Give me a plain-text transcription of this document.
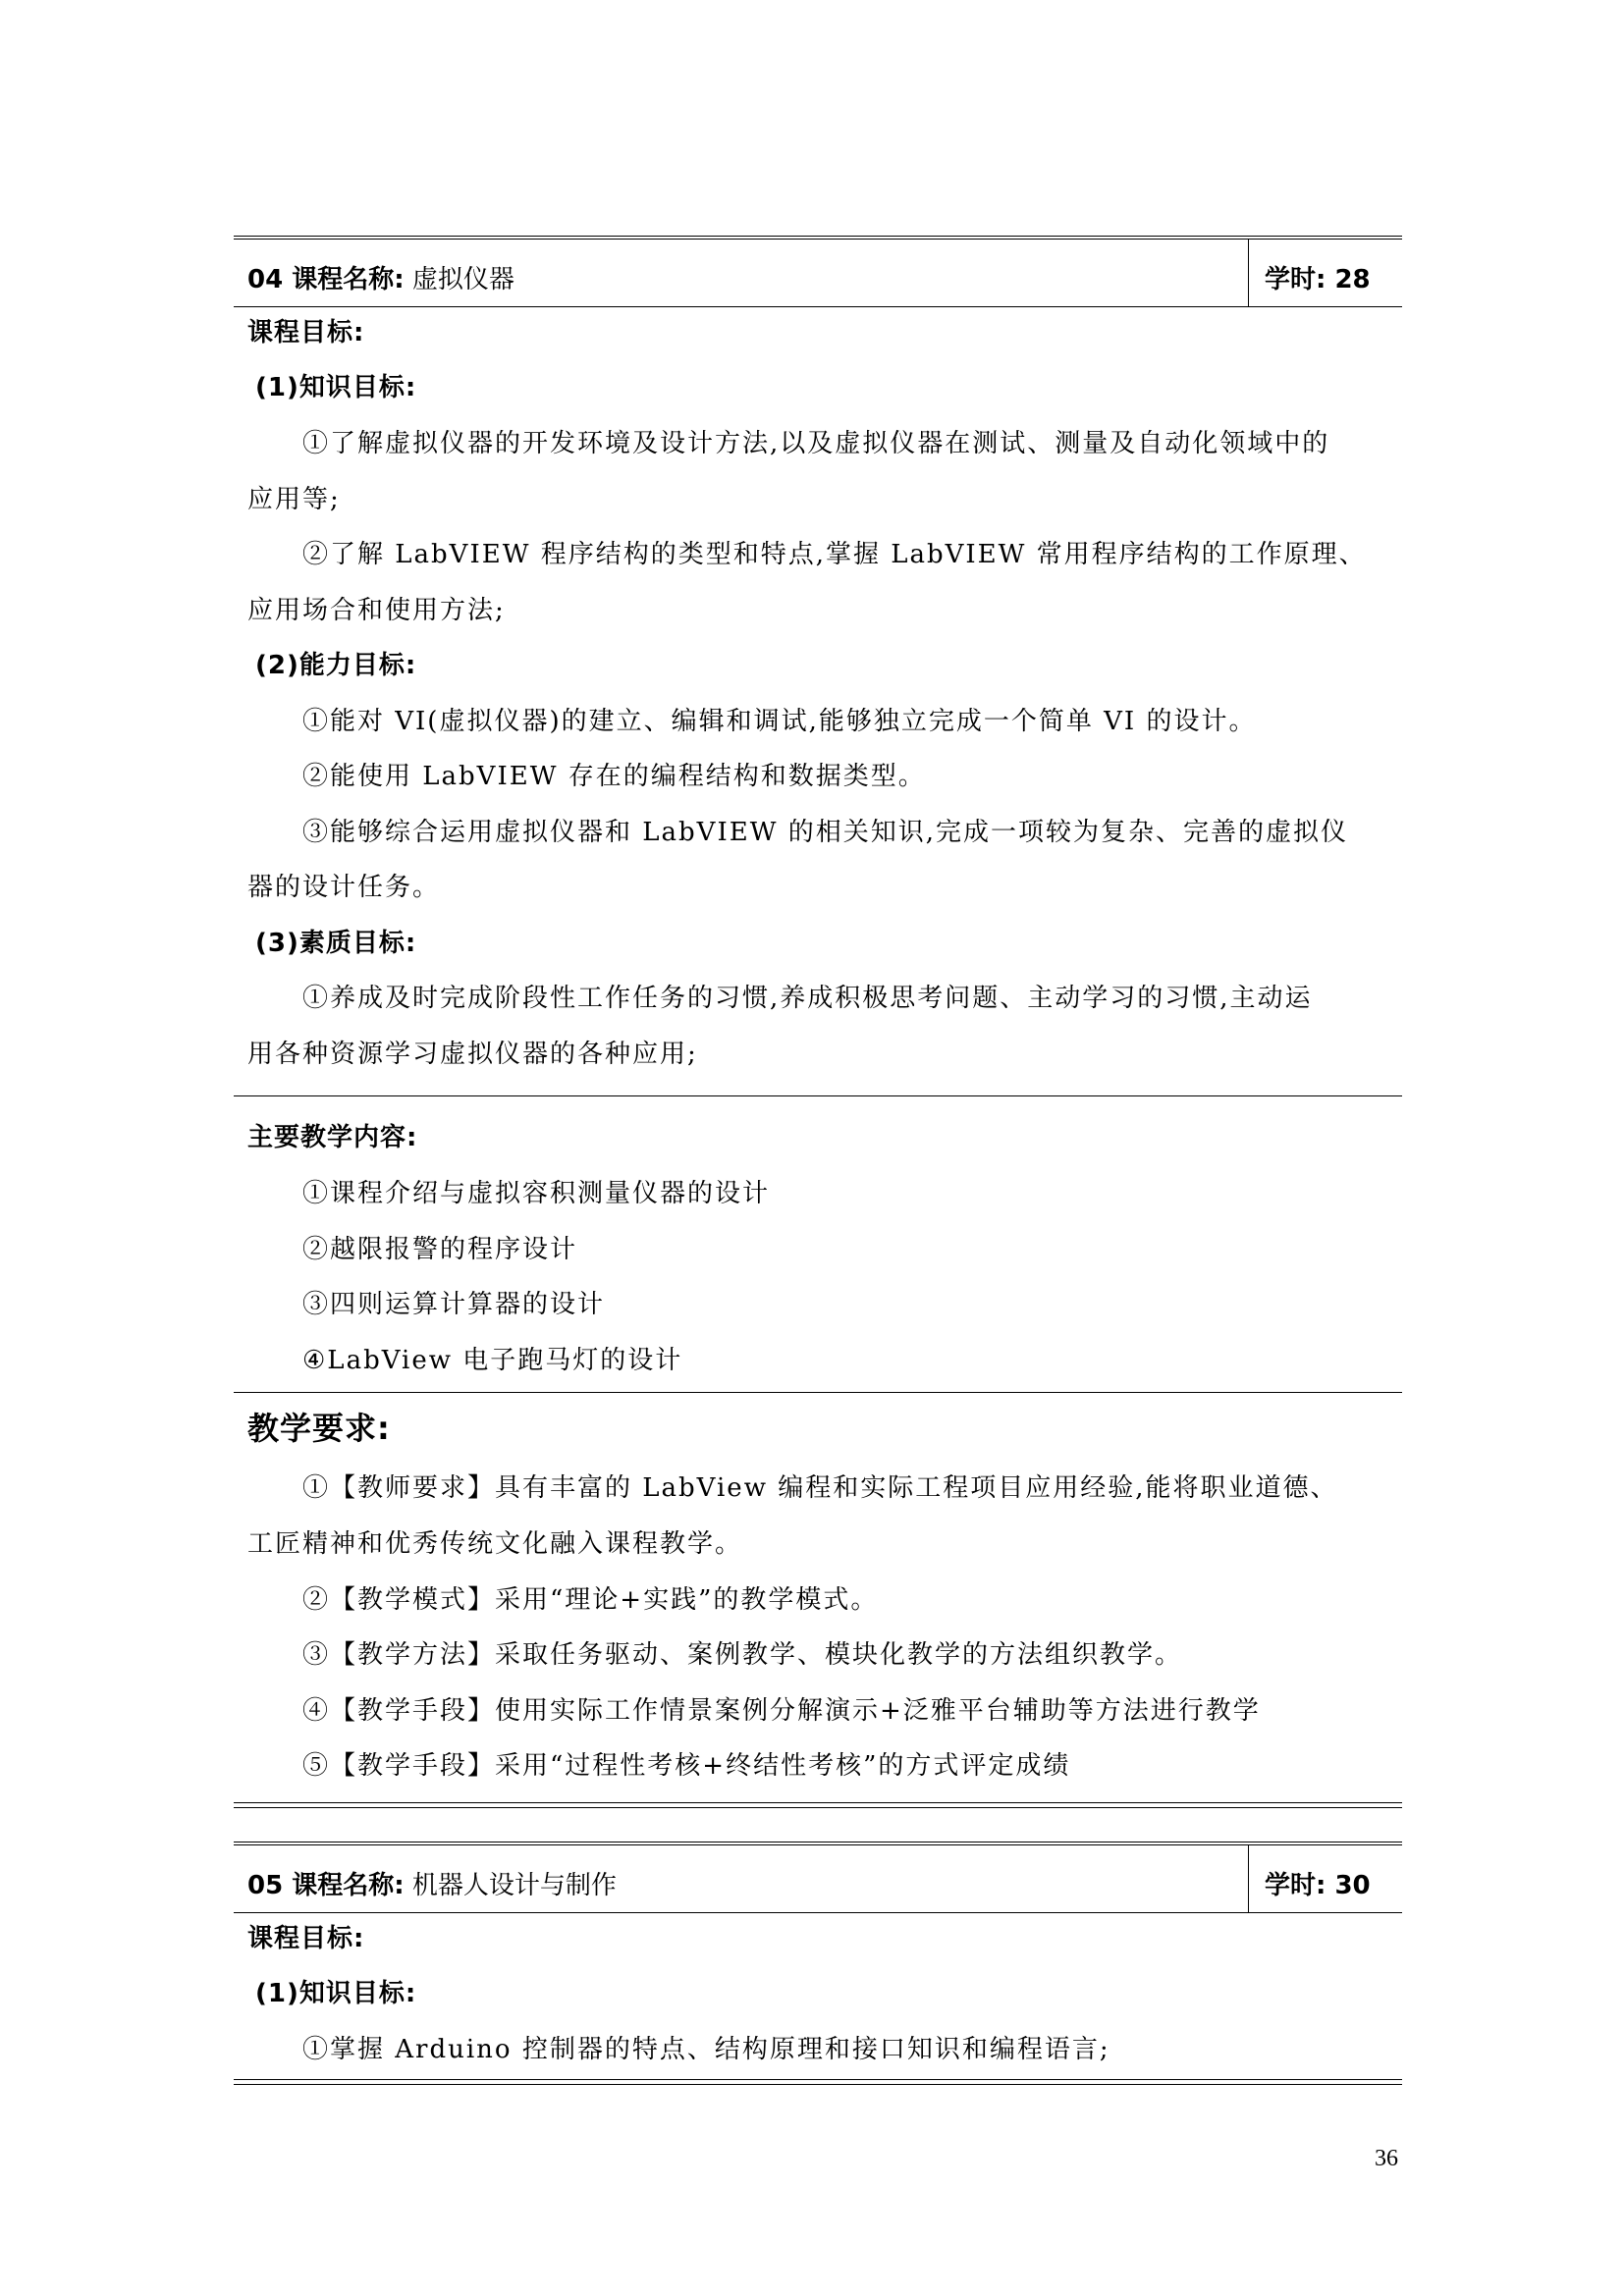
04 课程名称: 虚拟仪器	学时: 28
课程目标:
(1)知识目标:
①了解虚拟仪器的开发环境及设计方法,以及虚拟仪器在测试、测量及自动化领域中的
应用等;
②了解 LabVIEW 程序结构的类型和特点,掌握 LabVIEW 常用程序结构的工作原理、
应用场合和使用方法;
(2)能力目标:
①能对 VI(虚拟仪器)的建立、编辑和调试,能够独立完成一个简单 VI 的设计。
②能使用 LabVIEW 存在的编程结构和数据类型。
③能够综合运用虚拟仪器和 LabVIEW 的相关知识,完成一项较为复杂、完善的虚拟仪
器的设计任务。
(3)素质目标:
①养成及时完成阶段性工作任务的习惯,养成积极思考问题、主动学习的习惯,主动运
用各种资源学习虚拟仪器的各种应用;
主要教学内容:
①课程介绍与虚拟容积测量仪器的设计
②越限报警的程序设计
③四则运算计算器的设计
④LabView 电子跑马灯的设计
教学要求:
①【教师要求】具有丰富的 LabView 编程和实际工程项目应用经验,能将职业道德、
工匠精神和优秀传统文化融入课程教学。
②【教学模式】采用“理论+实践”的教学模式。
③【教学方法】采取任务驱动、案例教学、模块化教学的方法组织教学。
④【教学手段】使用实际工作情景案例分解演示+泛雅平台辅助等方法进行教学
⑤【教学手段】采用“过程性考核+终结性考核”的方式评定成绩
05 课程名称: 机器人设计与制作	学时: 30
课程目标:
(1)知识目标:
①掌握 Arduino 控制器的特点、结构原理和接口知识和编程语言;
36
